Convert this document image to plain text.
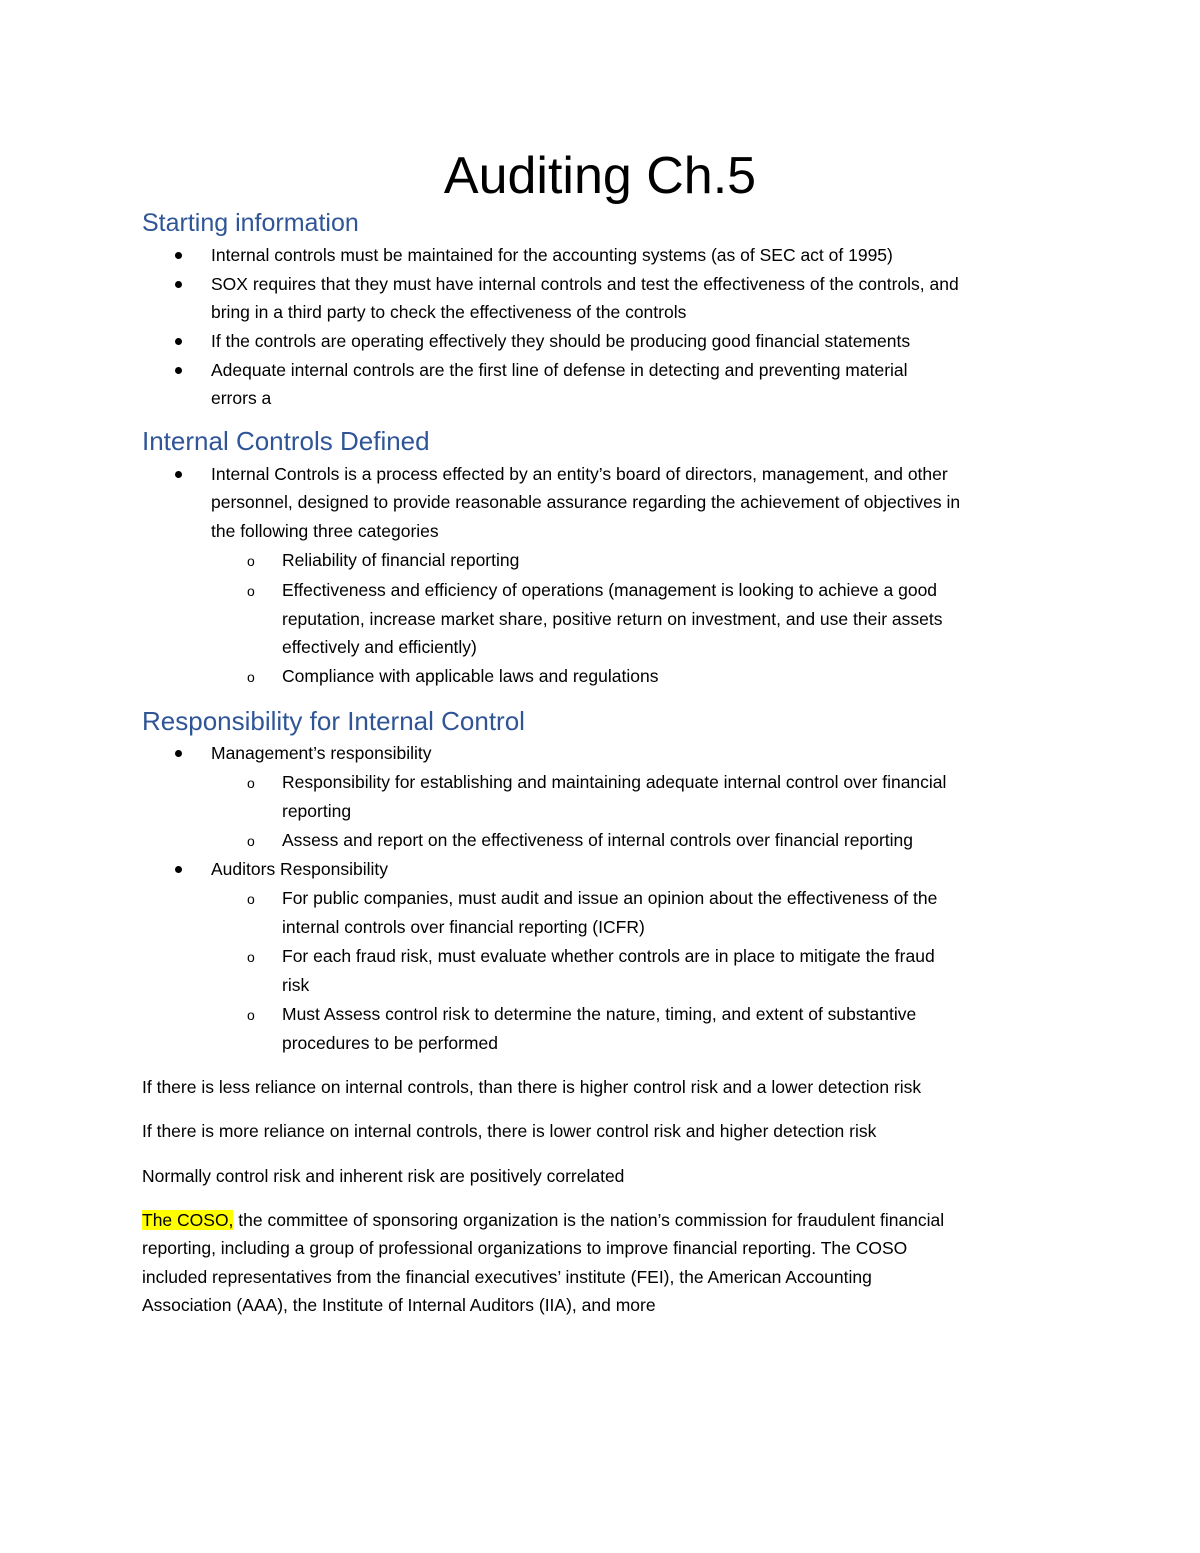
Auditing Ch.5
Starting information
Internal controls must be maintained for the accounting systems (as of SEC act of 1995)
SOX requires that they must have internal controls and test the effectiveness of the controls, and
bring in a third party to check the effectiveness of the controls
If the controls are operating effectively they should be producing good financial statements
Adequate internal controls are the first line of defense in detecting and preventing material
errors a
Internal Controls Defined
Internal Controls is a process effected by an entity’s board of directors, management, and other
personnel, designed to provide reasonable assurance regarding the achievement of objectives in
the following three categories
o Reliability of financial reporting
o Effectiveness and efficiency of operations (management is looking to achieve a good
reputation, increase market share, positive return on investment, and use their assets
effectively and efficiently)
o Compliance with applicable laws and regulations
Responsibility for Internal Control
Management’s responsibility
o Responsibility for establishing and maintaining adequate internal control over financial
reporting
o Assess and report on the effectiveness of internal controls over financial reporting
Auditors Responsibility
o For public companies, must audit and issue an opinion about the effectiveness of the
internal controls over financial reporting (ICFR)
o For each fraud risk, must evaluate whether controls are in place to mitigate the fraud
risk
o Must Assess control risk to determine the nature, timing, and extent of substantive
procedures to be performed
If there is less reliance on internal controls, than there is higher control risk and a lower detection risk
If there is more reliance on internal controls, there is lower control risk and higher detection risk
Normally control risk and inherent risk are positively correlated
The COSO, the committee of sponsoring organization is the nation’s commission for fraudulent financial
reporting, including a group of professional organizations to improve financial reporting. The COSO
included representatives from the financial executives’ institute (FEI), the American Accounting
Association (AAA), the Institute of Internal Auditors (IIA), and more
